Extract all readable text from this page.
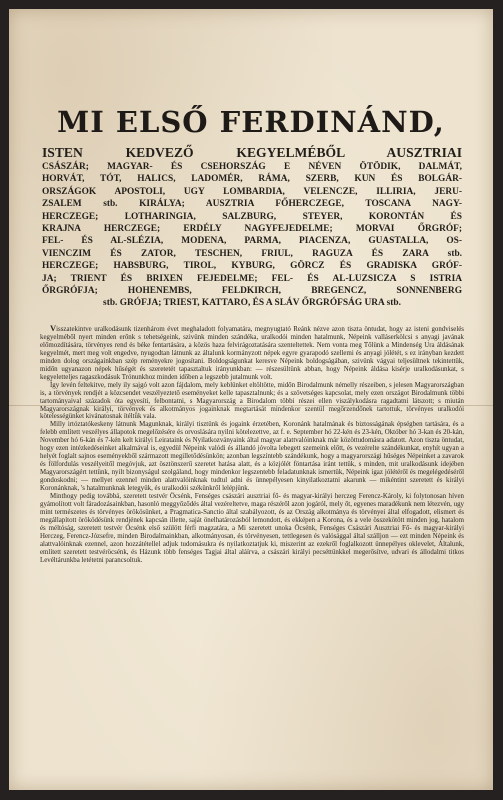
MI ELSŐ FERDINÁND,
ISTEN KEDVEZŐ KEGYELMÉBŐL AUSZTRIAI
CSÁSZÁR; MAGYAR- ÉS CSEHORSZÁG E NÉVEN ÖTÖDIK, DALMÁT,
HORVÁT, TÓT, HALICS, LADOMÉR, RÁMA, SZERB, KUN ÉS BOLGÁR-
ORSZÁGOK APOSTOLI, UGY LOMBARDIA, VELENCZE, ILLIRIA, JERU-
ZSALEM stb. KIRÁLYA; AUSZTRIA FŐHERCZEGE, TOSCANA NAGY-
HERCZEGE; LOTHARINGIA, SALZBURG, STEYER, KORONTÁN ÉS
KRAJNA HERCZEGE; ERDÉLY NAGYFEJEDELME; MORVAI ŐRGRÓF;
FEL- ÉS AL-SLÉZIA, MODENA, PARMA, PIACENZA, GUASTALLA, OS-
VIENCZIM ÉS ZATOR, TESCHEN, FRIUL, RAGUZA ÉS ZARA stb.
HERCZEGE; HABSBURG, TIROL, KYBURG, GÖRCZ ÉS GRADISKA GRÓF-
JA; TRIENT ÉS BRIXEN FEJEDELME; FEL- ÉS AL-LUZSICZA S ISTRIA
ŐRGRÓFJA; HOHENEMBS, FELDKIRCH, BREGENCZ, SONNENBERG
stb. GRÓFJA; TRIEST, KATTARO, ÉS A SLÁV ŐRGRÓFSÁG URA stb.

Visszatekintve uralkodásunk tizenhárom évet meghaladott folyamatára, megnyugtató Reánk nézve azon tiszta öntudat, hogy az isteni gondviselés kegyelméből nyert minden erőnk s tehetségeink, szivünk minden szándéka, uralkodói minden hatalmunk, Népeink valláserkölcsi s anyagi javának előmozdítására, törvényes rend és béke fentartására, a közös haza felvirágoztatására szenteltettek. Nem vonta meg Tőlünk a Mindenség Ura áldásának kegyelmét, mert meg volt engedve, nyugodtan látnunk az általunk kormányzott népek egyre gyarapodó szellemi és anyagi jólétét, s ez irányban kezdett minden dolog országainkban szép reményekre jogosítani. Boldogságunkat keresve Népeink boldogságában, szivünk vágyai teljesültnek tekintettük, midőn ugyanazon népek hűségét és szeretetét tapasztaltuk irányunkban: — részesültünk abban, hogy Népeink áldása kisérje uralkodásunkat, s kegyeletteljes ragaszkodásuk Trónunkhoz minden időben a legszebb jutalmunk volt.

Így levén feltekitve, mely ily sajgó volt azon fájdalom, mely keblünket eltöltötte, midőn Birodalmunk némelly részeiben, s jelesen Magyarországban is, a törvények rendjét a közcsendet veszélyeztető eseményeket kelle tapasztalnunk; és a szövetséges kapcsolat, mely ezen országot Birodalmunk többi tartományaival századok óta egyesíti, felbontatni, s Magyarország a Birodalom többi részei ellen viszálykodásra ragadtatni látszott; s miután Magyarországnak királyi, törvények és alkotmányos jogainknak megtartását mindenkor szentül megőrzendőnek tartottuk, törvényes uralkodói kötelességünket kivánatosnak ítéltük vala.

Milly irtóztatókeskeny látnunk Magunknak, királyi tisztünk és jogaink érzetében, Koronánk hatalmának és biztosságának épségben tartására, és a felebb említett veszélyes állapotok megelőzésére és orvoslására nyilni kötelezettve, az f. e. September hó 22-kén és 23-kén, Október hó 3-kan és 20-kán, November hó 6-kán és 7-kén kelt királyi Leirataink és Nyilatkozványaink által magyar alattvalóinknak már közöttudomásra adatott. Azon tiszta öntudat, hogy ezen intézkedéseinket alkalmával is, egyedül Népeink valódi és állandó jóvolta lebegett szemeink előtt, és vezérelte szándékunkat, enyhít ugyan a helyét foglalt sajnos eseményekből származott megilletődésünkön; azonban legszíntebb szándékunk, hogy a magyarországi hűséges Népeinket a zavarok és fölfordulás veszélyeitől megóvjuk, azt ösztönszerű szeretet hatása alatt, és a közjólét föntartása iránt tettük, s minden, mit uralkodásunk idejében Magyarországért tettünk, nyilt bizonyságul szolgáland, hogy mindenkor legszentebb feladatunknak ismertük, Népeink igaz jólétéről és megelégedéséről gondoskodni; — mellyet ezennel minden alattvalóinknak tudtul adni és ünnepélyesen kinyilatkoztatni akarunk — mikéntint szeretett és királyi Koronánknak, 's hatalmunknak letegyük, és uralkodói székünkről lelépjünk.

Minthogy pedig továbbá, szeretett testvér Öcsénk, Fenséges császári ausztriai fő- és magyar-királyi herczeg Ferencz-Károly, ki folytonosan híven gyámolított volt fáradozásainkban, hasonló meggyőződés által vezéreltetve, maga részéről azon jogáról, mely őt, egyenes maradékunk nem létezvén, ugy mint természetes és törvényes örökösünket, a Pragmatica-Sanctio által szabályozott, és az Ország alkotmánya és törvényei által elfogadott, elismert és megállapított öröködésünk rendjének kapcsán illette, saját önelhatározásból lemondott, és ekképen a Korona, és a vele összekötött minden jog, hatalom és méltóság, szeretett testvér Öcsénk első szülött férfi magzatára, a Mi szeretett unoka Öcsénk, Fenséges Császári Ausztriai Fő- és magyar-királyi Herczeg, Ferencz-Józsefre, minden Birodalmainkban, alkotmányosan, és törvényesen, tettlegesen és valósággal által szálljon — ezt minden Népeink és alattvalóinknak ezennel, azon hozzátétellel adjuk tudomásukra és nyilatkoztatjuk ki, miszerint az ezekről foglalkozott ünnepélyes oklevelet, Általunk, említett szeretett testvéröcsénk, és Házunk több fenséges Tagjai által aláírva, a császári királyi pecséttünkkel megerősítve, udvari és állodalmi titkos Levéltárunkba letétetni parancsoltuk.
